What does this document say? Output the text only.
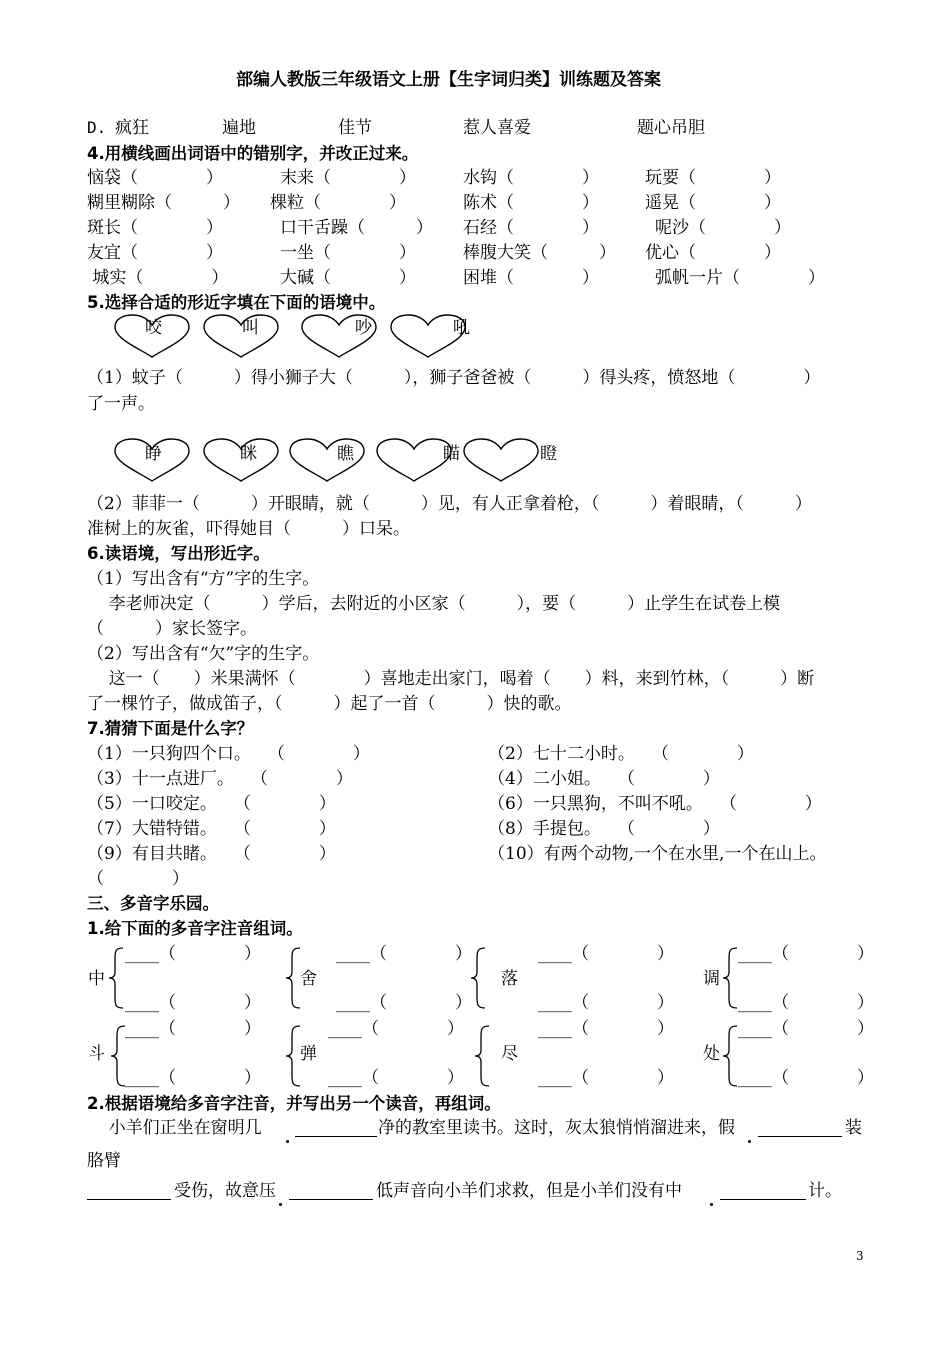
部编人教版三年级语文上册【生字词归类】训练题及答案
D. 疯狂	遍地	佳节	惹人喜爱	题心吊胆
4.用横线画出词语中的错别字，并改正过来。
恼袋（　　　　）	末来（　　　　）	水钩（　　　　）	玩要（　　　　）
糊里糊除（　　　） 棵粒（　　　　）	陈术（　　　　）	遥晃（　　　　）
斑长（　　　　）	口干舌躁（　　　） 石经（　　　　）	呢沙（　　　　）
友宜（　　　　）	一坐（　　　　）	棒腹大笑（　　　） 优心（　　　　）
城实（　　　　）	大碱（　　　　）	困堆（　　　　）	弧帆一片（　　　　）
5.选择合适的形近字填在下面的语境中。
咬	叫	吵	吼
（1）蚊子（　　　）得小狮子大（　　　），狮子爸爸被（　　　）得头疼，愤怒地（　　　　）
了一声。
睁	眯	瞧	瞄	瞪
（2）菲菲一（　　　）开眼睛，就（　　　）见，有人正拿着枪，（　　　）着眼睛，（　　　）
准树上的灰雀，吓得她目（　　　）口呆。
6.读语境，写出形近字。
（1）写出含有“方”字的生字。
李老师决定（　　　）学后，去附近的小区家（　　　），要（　　　）止学生在试卷上模
（　　　）家长签字。
（2）写出含有“欠”字的生字。
这一（　　）米果满怀（　　　　）喜地走出家门，喝着（　　）料，来到竹林，（　　　）断
了一棵竹子，做成笛子，（　　　）起了一首（　　　）快的歌。
7.猜猜下面是什么字？
（1）一只狗四个口。　　（　　　　）	（2）七十二小时。　　（　　　　）
（3）十一点进厂。　　（　　　　）	（4）二小姐。　　（　　　　）
（5）一口咬定。　　（　　　　）	（6）一只黑狗，不叫不吼。　　（　　　　）
（7）大错特错。　　（　　　　）	（8）手提包。　　（　　　　）
（9）有目共睹。　　（　　　　）	（10）有两个动物,一个在水里,一个在山上。
（　　　　）
三、多音字乐园。
1.给下面的多音字注音组词。
中
____（　　　　）
____（　　　　）
舍
____（　　　　）
____（　　　　）
落
____（　　　　）
____（　　　　）
调
____（　　　　）
____（　　　　）
斗
____（　　　　）
____（　　　　）
弹
____（　　　　）
____（　　　　）
尽
____（　　　　）
____（　　　　）
处
____（　　　　）
____（　　　　）
2.根据语境给多音字注音，并写出另一个读音，再组词。
小羊们正坐在窗明几	净的教室里读书。这时，灰太狼悄悄溜进来，假	装
胳臂
受伤，故意压	低声音向小羊们求救，但是小羊们没有中	计。
3
